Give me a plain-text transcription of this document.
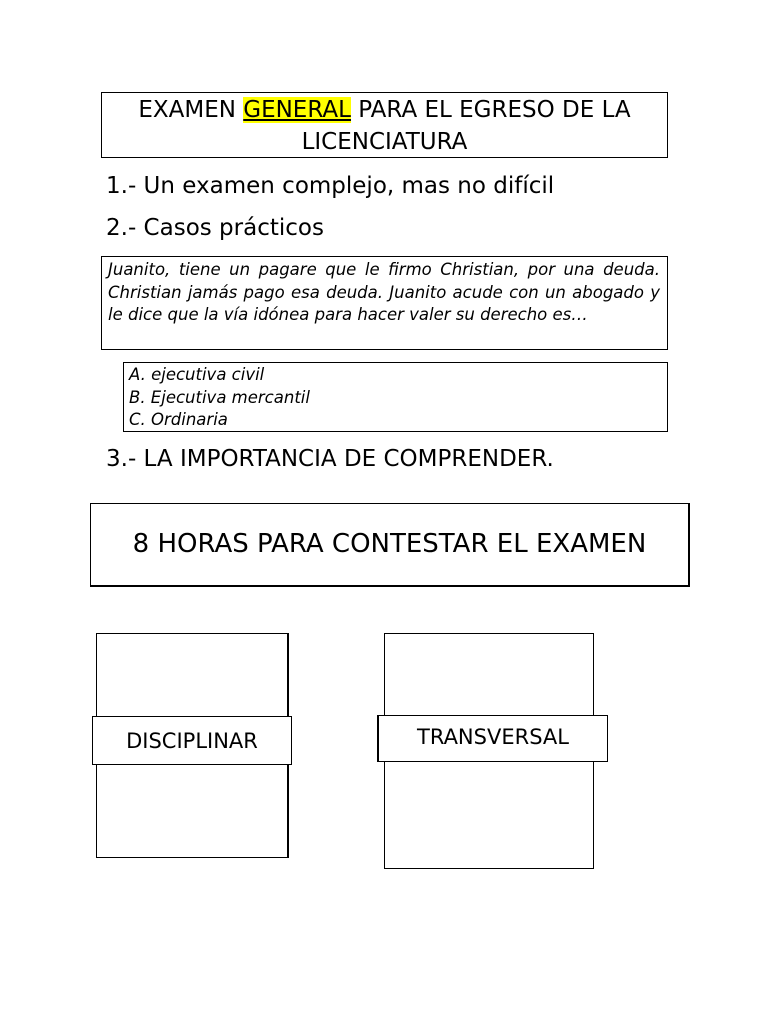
EXAMEN GENERAL PARA EL EGRESO DE LA LICENCIATURA
1.- Un examen complejo, mas no difícil
2.- Casos prácticos
Juanito, tiene un pagare que le firmo Christian, por una deuda. Christian jamás pago esa deuda. Juanito acude con un abogado y le dice que la vía idónea para hacer valer su derecho es…
A. ejecutiva civil
B. Ejecutiva mercantil
C. Ordinaria
3.- LA IMPORTANCIA DE COMPRENDER.
8 HORAS PARA CONTESTAR EL EXAMEN
DISCIPLINAR	TRANSVERSAL
